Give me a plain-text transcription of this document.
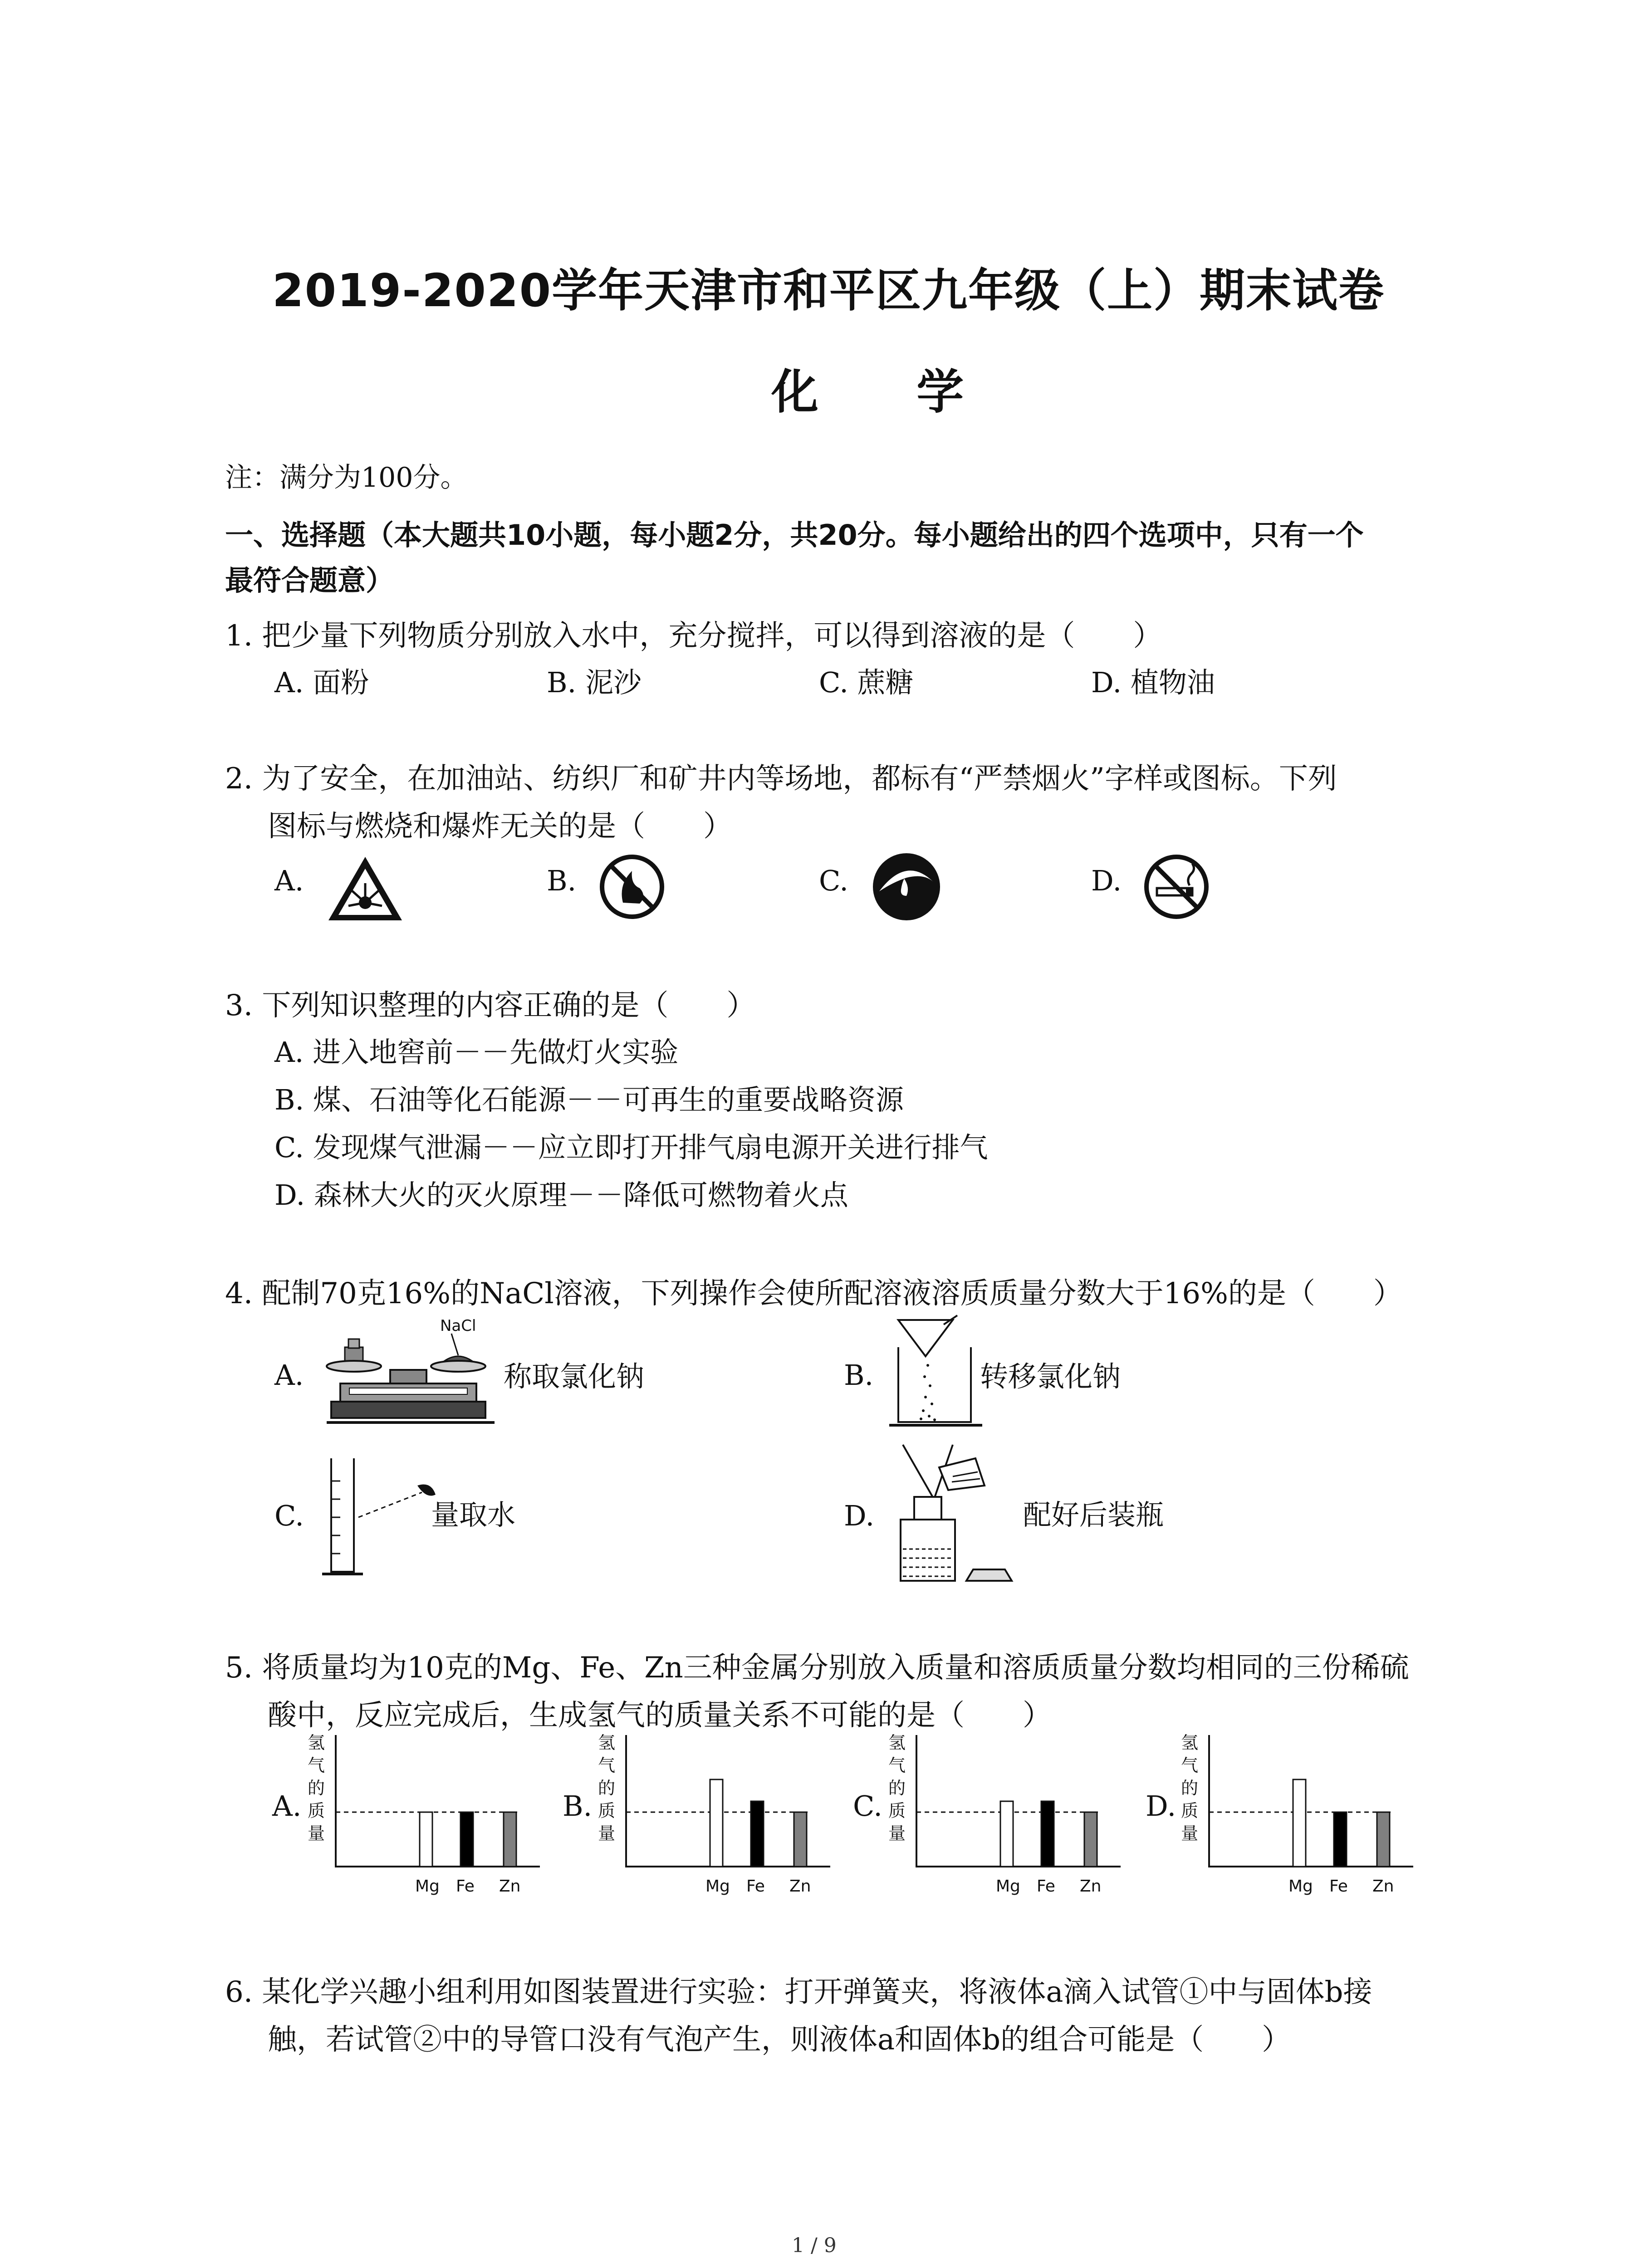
2019-2020学年天津市和平区九年级（上）期末试卷
化 学
注：满分为100分。
一、选择题（本大题共10小题，每小题2分，共20分。每小题给出的四个选项中，只有一个
最符合题意）
1. 把少量下列物质分别放入水中，充分搅拌，可以得到溶液的是（　　）
A. 面粉	B. 泥沙	C. 蔗糖	D. 植物油
2. 为了安全，在加油站、纺织厂和矿井内等场地，都标有“严禁烟火”字样或图标。下列
图标与燃烧和爆炸无关的是（　　）
A.	B.	C.	D.
3. 下列知识整理的内容正确的是（　　）
A. 进入地窖前－－先做灯火实验
B. 煤、石油等化石能源－－可再生的重要战略资源
C. 发现煤气泄漏－－应立即打开排气扇电源开关进行排气
D. 森林大火的灭火原理－－降低可燃物着火点
4. 配制70克16%的NaCl溶液，下列操作会使所配溶液溶质质量分数大于16%的是（　　）
A.
NaCl
称取氯化钠	B.	转移氯化钠
C.	量取水	D.	配好后装瓶
5. 将质量均为10克的Mg、Fe、Zn三种金属分别放入质量和溶质质量分数均相同的三份稀硫
酸中，反应完成后，生成氢气的质量关系不可能的是（　　）
A.
氢
气
的
质
量
Mg Fe Zn
B.
氢
气
的
质
量
Mg Fe Zn
C.
氢
气
的
质
量
Mg Fe Zn
D.
氢
气
的
质
量
Mg Fe Zn
6. 某化学兴趣小组利用如图装置进行实验：打开弹簧夹，将液体a滴入试管①中与固体b接
触，若试管②中的导管口没有气泡产生，则液体a和固体b的组合可能是（　　）
1 / 9
